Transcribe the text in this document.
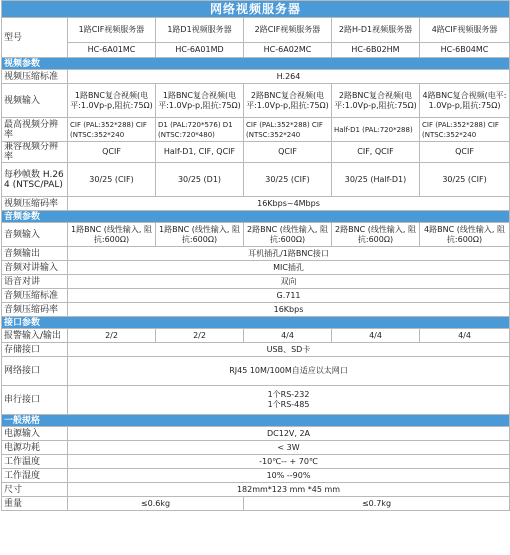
网络视频服务器					
型号	1路CIF视频服务器	1路D1视频服务器	2路CIF视频服务器	2路H-D1视频服务器	4路CIF视频服务器
	HC-6A01MC	HC-6A01MD	HC-6A02MC	HC-6B02HM	HC-6B04MC
视频参数					
视频压缩标准	H.264				
视频输入	1路BNC复合视频(电平:1.0Vp-p,阻抗:75Ω)	1路BNC复合视频(电平:1.0Vp-p,阻抗:75Ω)	2路BNC复合视频(电平:1.0Vp-p,阻抗:75Ω)	2路BNC复合视频(电平:1.0Vp-p,阻抗:75Ω)	4路BNC复合视频(电平:1.0Vp-p,阻抗:75Ω)
最高视频分辨率	CIF (PAL:352*288) CIF (NTSC:352*240	D1 (PAL:720*576) D1 (NTSC:720*480)	CIF (PAL:352*288) CIF (NTSC:352*240	Half-D1 (PAL:720*288)	CIF (PAL:352*288) CIF (NTSC:352*240
兼容视频分辨率	QCIF	Half-D1, CIF, QCIF	QCIF	CIF, QCIF	QCIF
每秒帧数 H.264 (NTSC/PAL)	30/25 (CIF)	30/25 (D1)	30/25 (CIF)	30/25 (Half-D1)	30/25 (CIF)
视频压缩码率	16Kbps~4Mbps				
音频参数					
音频输入	1路BNC (线性输入, 阻抗:600Ω)	1路BNC (线性输入, 阻抗:600Ω)	2路BNC (线性输入, 阻抗:600Ω)	2路BNC (线性输入, 阻抗:600Ω)	4路BNC (线性输入, 阻抗:600Ω)
音频输出	耳机插孔/1路BNC接口				
音频对讲输入	MIC插孔				
语音对讲	双向				
音频压缩标准	G.711				
音频压缩码率	16Kbps				
接口参数					
报警输入/输出	2/2	2/2	4/4	4/4	4/4
存储接口	USB、SD卡				
网络接口	RJ45 10M/100M自适应以太网口				
串行接口	1个RS-232
1个RS-485				

一般规格					
电源输入	DC12V, 2A				
电源功耗	< 3W				
工作温度	-10℃-- + 70℃				
工作湿度	10% --90%				
尺寸	182mm*123 mm *45 mm				
重量	≤0.6kg		≤0.7kg		
